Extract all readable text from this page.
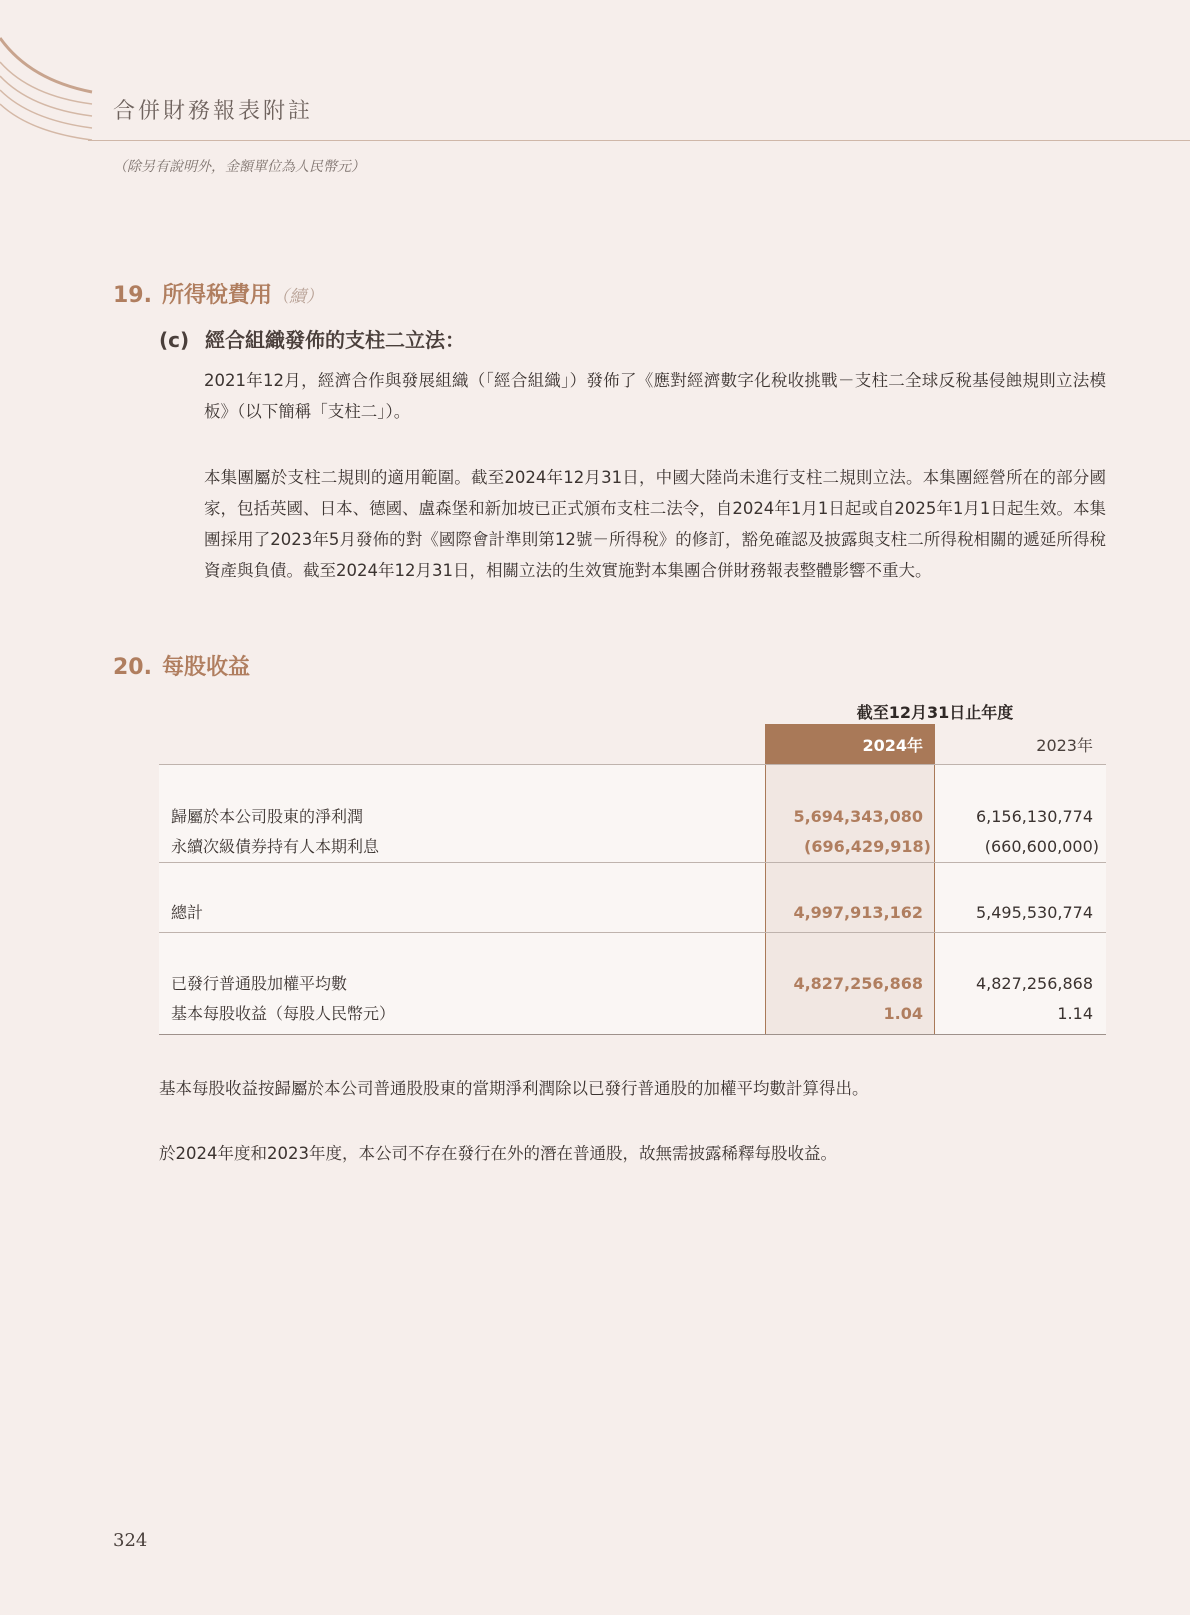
合併財務報表附註
（除另有說明外，金額單位為人民幣元）
19. 所得稅費用（續）
(c) 經合組織發佈的支柱二立法：
2021年12月，經濟合作與發展組織（「經合組織」）發佈了《應對經濟數字化稅收挑戰－支柱二全球反稅基侵蝕規則立法模板》（以下簡稱「支柱二」）。
本集團屬於支柱二規則的適用範圍。截至2024年12月31日，中國大陸尚未進行支柱二規則立法。本集團經營所在的部分國家，包括英國、日本、德國、盧森堡和新加坡已正式頒布支柱二法令，自2024年1月1日起或自2025年1月1日起生效。本集團採用了2023年5月發佈的對《國際會計準則第12號－所得稅》的修訂，豁免確認及披露與支柱二所得稅相關的遞延所得稅資產與負債。截至2024年12月31日，相關立法的生效實施對本集團合併財務報表整體影響不重大。
20. 每股收益
截至12月31日止年度
2024年	2023年
歸屬於本公司股東的淨利潤	5,694,343,080	6,156,130,774
永續次級債券持有人本期利息	(696,429,918)	(660,600,000)
總計	4,997,913,162	5,495,530,774
已發行普通股加權平均數	4,827,256,868	4,827,256,868
基本每股收益（每股人民幣元）	1.04	1.14
基本每股收益按歸屬於本公司普通股股東的當期淨利潤除以已發行普通股的加權平均數計算得出。
於2024年度和2023年度，本公司不存在發行在外的潛在普通股，故無需披露稀釋每股收益。
324
